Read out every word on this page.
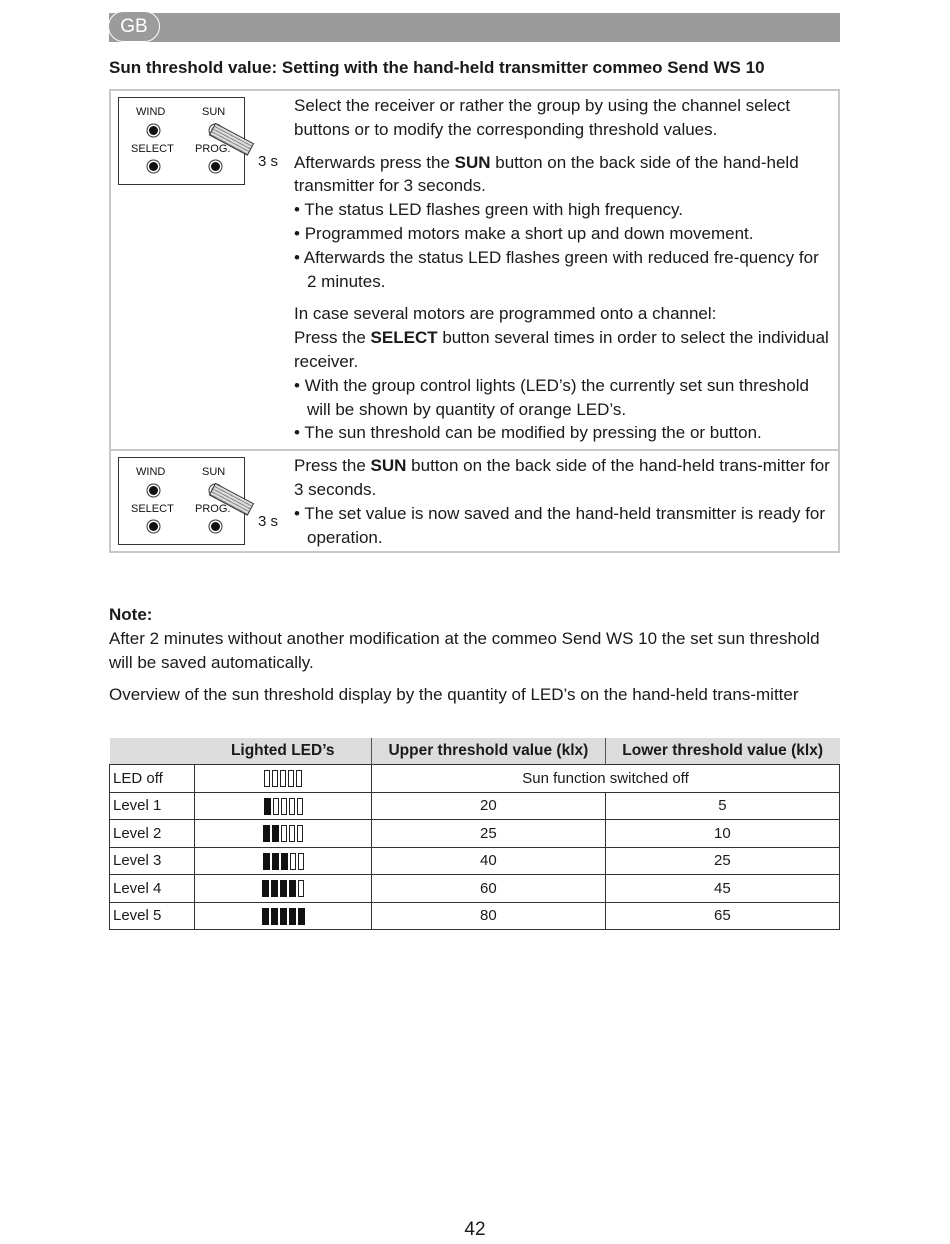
GB
Sun threshold value: Setting with the hand-held transmitter commeo Send WS 10
WIND	SUN
SELECT PROG.
3 s

Select the receiver or rather the group by using the channel select buttons or to modify the corresponding threshold values.

Afterwards press the SUN button on the back side of the hand-held transmitter for 3 seconds.

• The status LED flashes green with high frequency.

• Programmed motors make a short up and down movement.

• Afterwards the status LED flashes green with reduced fre-quency for 2 minutes.

In case several motors are programmed onto a channel:

Press the SELECT button several times in order to select the individual receiver.

• With the group control lights (LED’s) the currently set sun threshold will be shown by quantity of orange LED’s.

• The sun threshold can be modified by pressing the or button.

WIND	SUN
SELECT PROG.
3 s

Press the SUN button on the back side of the hand-held trans-mitter for 3 seconds.

• The set value is now saved and the hand-held transmitter is ready for operation.

Note:
After 2 minutes without another modification at the commeo Send WS 10 the set sun threshold will be saved automatically.
Overview of the sun threshold display by the quantity of LED’s on the hand-held trans-mitter
	Lighted LED’s	Upper threshold value (klx)	Lower threshold value (klx)
LED off		Sun function switched off	
Level 1		20	5
Level 2		25	10
Level 3		40	25
Level 4		60	45
Level 5		80	65
42
